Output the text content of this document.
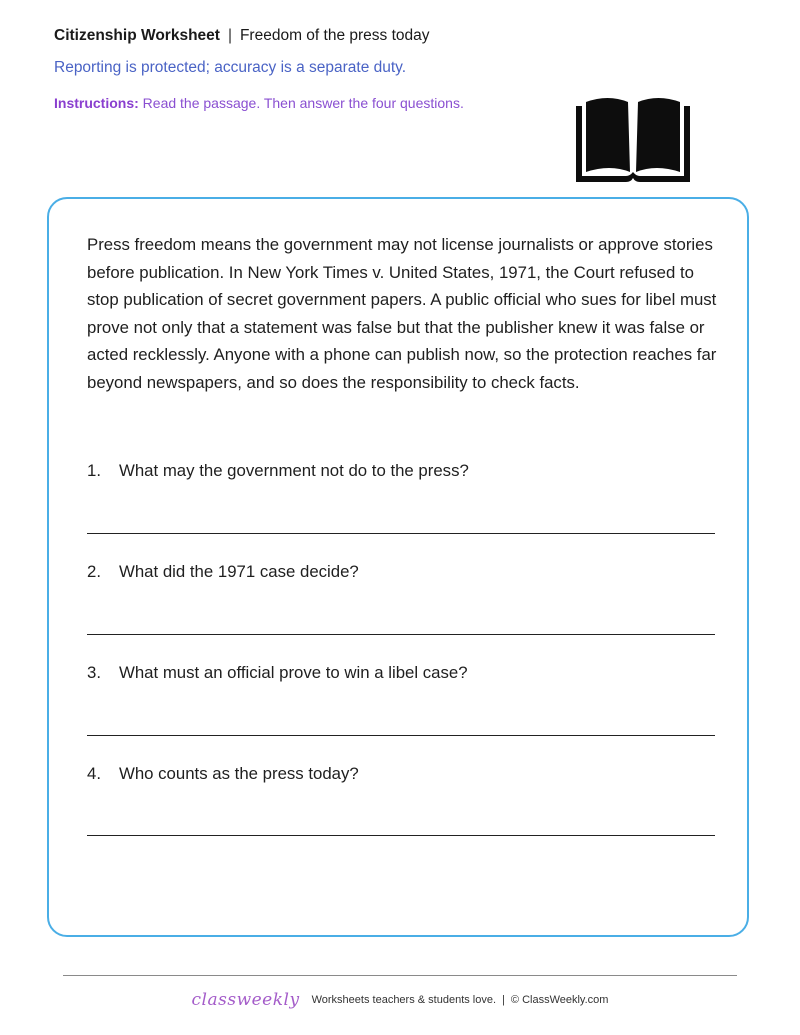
Citizenship Worksheet | Freedom of the press today
Reporting is protected; accuracy is a separate duty.
Instructions: Read the passage. Then answer the four questions.

Press freedom means the government may not license journalists or approve stories before publication. In New York Times v. United States, 1971, the Court refused to stop publication of secret government papers. A public official who sues for libel must prove not only that a statement was false but that the publisher knew it was false or acted recklessly. Anyone with a phone can publish now, so the protection reaches far beyond newspapers, and so does the responsibility to check facts.

1. What may the government not do to the press?
2. What did the 1971 case decide?
3. What must an official prove to win a libel case?
4. Who counts as the press today?
classweekly Worksheets teachers & students love. | © ClassWeekly.com
